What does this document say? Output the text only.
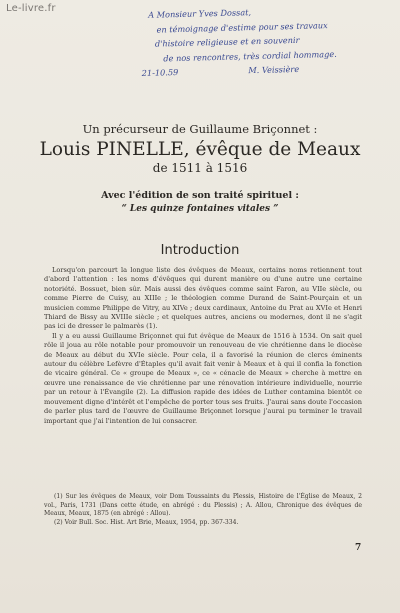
Le-livre.fr	A Monsieur Yves Dossat,
en témoignage d'estime pour ses travaux
d'histoire religieuse et en souvenir
de nos rencontres, très cordial hommage.
21-10.59	M. Veissière
Un précurseur de Guillaume Briçonnet :
Louis PINELLE, évêque de Meaux
de 1511 à 1516
Avec l'édition de son traité spirituel :
“ Les quinze fontaines vitales ”
Introduction

Lorsqu'on parcourt la longue liste des évêques de Meaux, certains noms retiennent tout d'abord l'attention : les noms d'évêques qui durent manière ou d'une autre une certaine notoriété. Bossuet, bien sûr. Mais aussi des évêques comme saint Faron, au VIIe siècle, ou comme Pierre de Cuisy, au XIIIe ; le théologien comme Durand de Saint-Pourçain et un musicien comme Philippe de Vitry, au XIVe ; deux cardinaux, Antoine du Prat au XVIe et Henri Thiard de Bissy au XVIIIe siècle ; et quelques autres, anciens ou modernes, dont il ne s'agit pas ici de dresser le palmarès (1).

Il y a eu aussi Guillaume Briçonnet qui fut évêque de Meaux de 1516 à 1534. On sait quel rôle il joua au rôle notable pour promouvoir un renouveau de vie chrétienne dans le diocèse de Meaux au début du XVIe siècle. Pour cela, il a favorisé la réunion de clercs éminents autour du célèbre Lefèvre d'Étaples qu'il avait fait venir à Meaux et à qui il confia la fonction de vicaire général. Ce « groupe de Meaux », ce « cénacle de Meaux » cherche à mettre en œuvre une renaissance de vie chrétienne par une rénovation intérieure individuelle, nourrie par un retour à l'Évangile (2). La diffusion rapide des idées de Luther contamina bientôt ce mouvement digne d'intérêt et l'empêche de porter tous ses fruits. J'aurai sans doute l'occasion de parler plus tard de l'œuvre de Guillaume Briçonnet lorsque j'aurai pu terminer le travail important que j'ai l'intention de lui consacrer.

(1) Sur les évêques de Meaux, voir Dom Toussaints du Plessis, Histoire de l'Église de Meaux, 2 vol., Paris, 1731 (Dans cette étude, en abrégé : du Plessis) ; A. Allou, Chronique des évêques de Meaux, Meaux, 1875 (en abrégé : Allou).

(2) Voir Bull. Soc. Hist. Art Brie, Meaux, 1954, pp. 367-334.

7
